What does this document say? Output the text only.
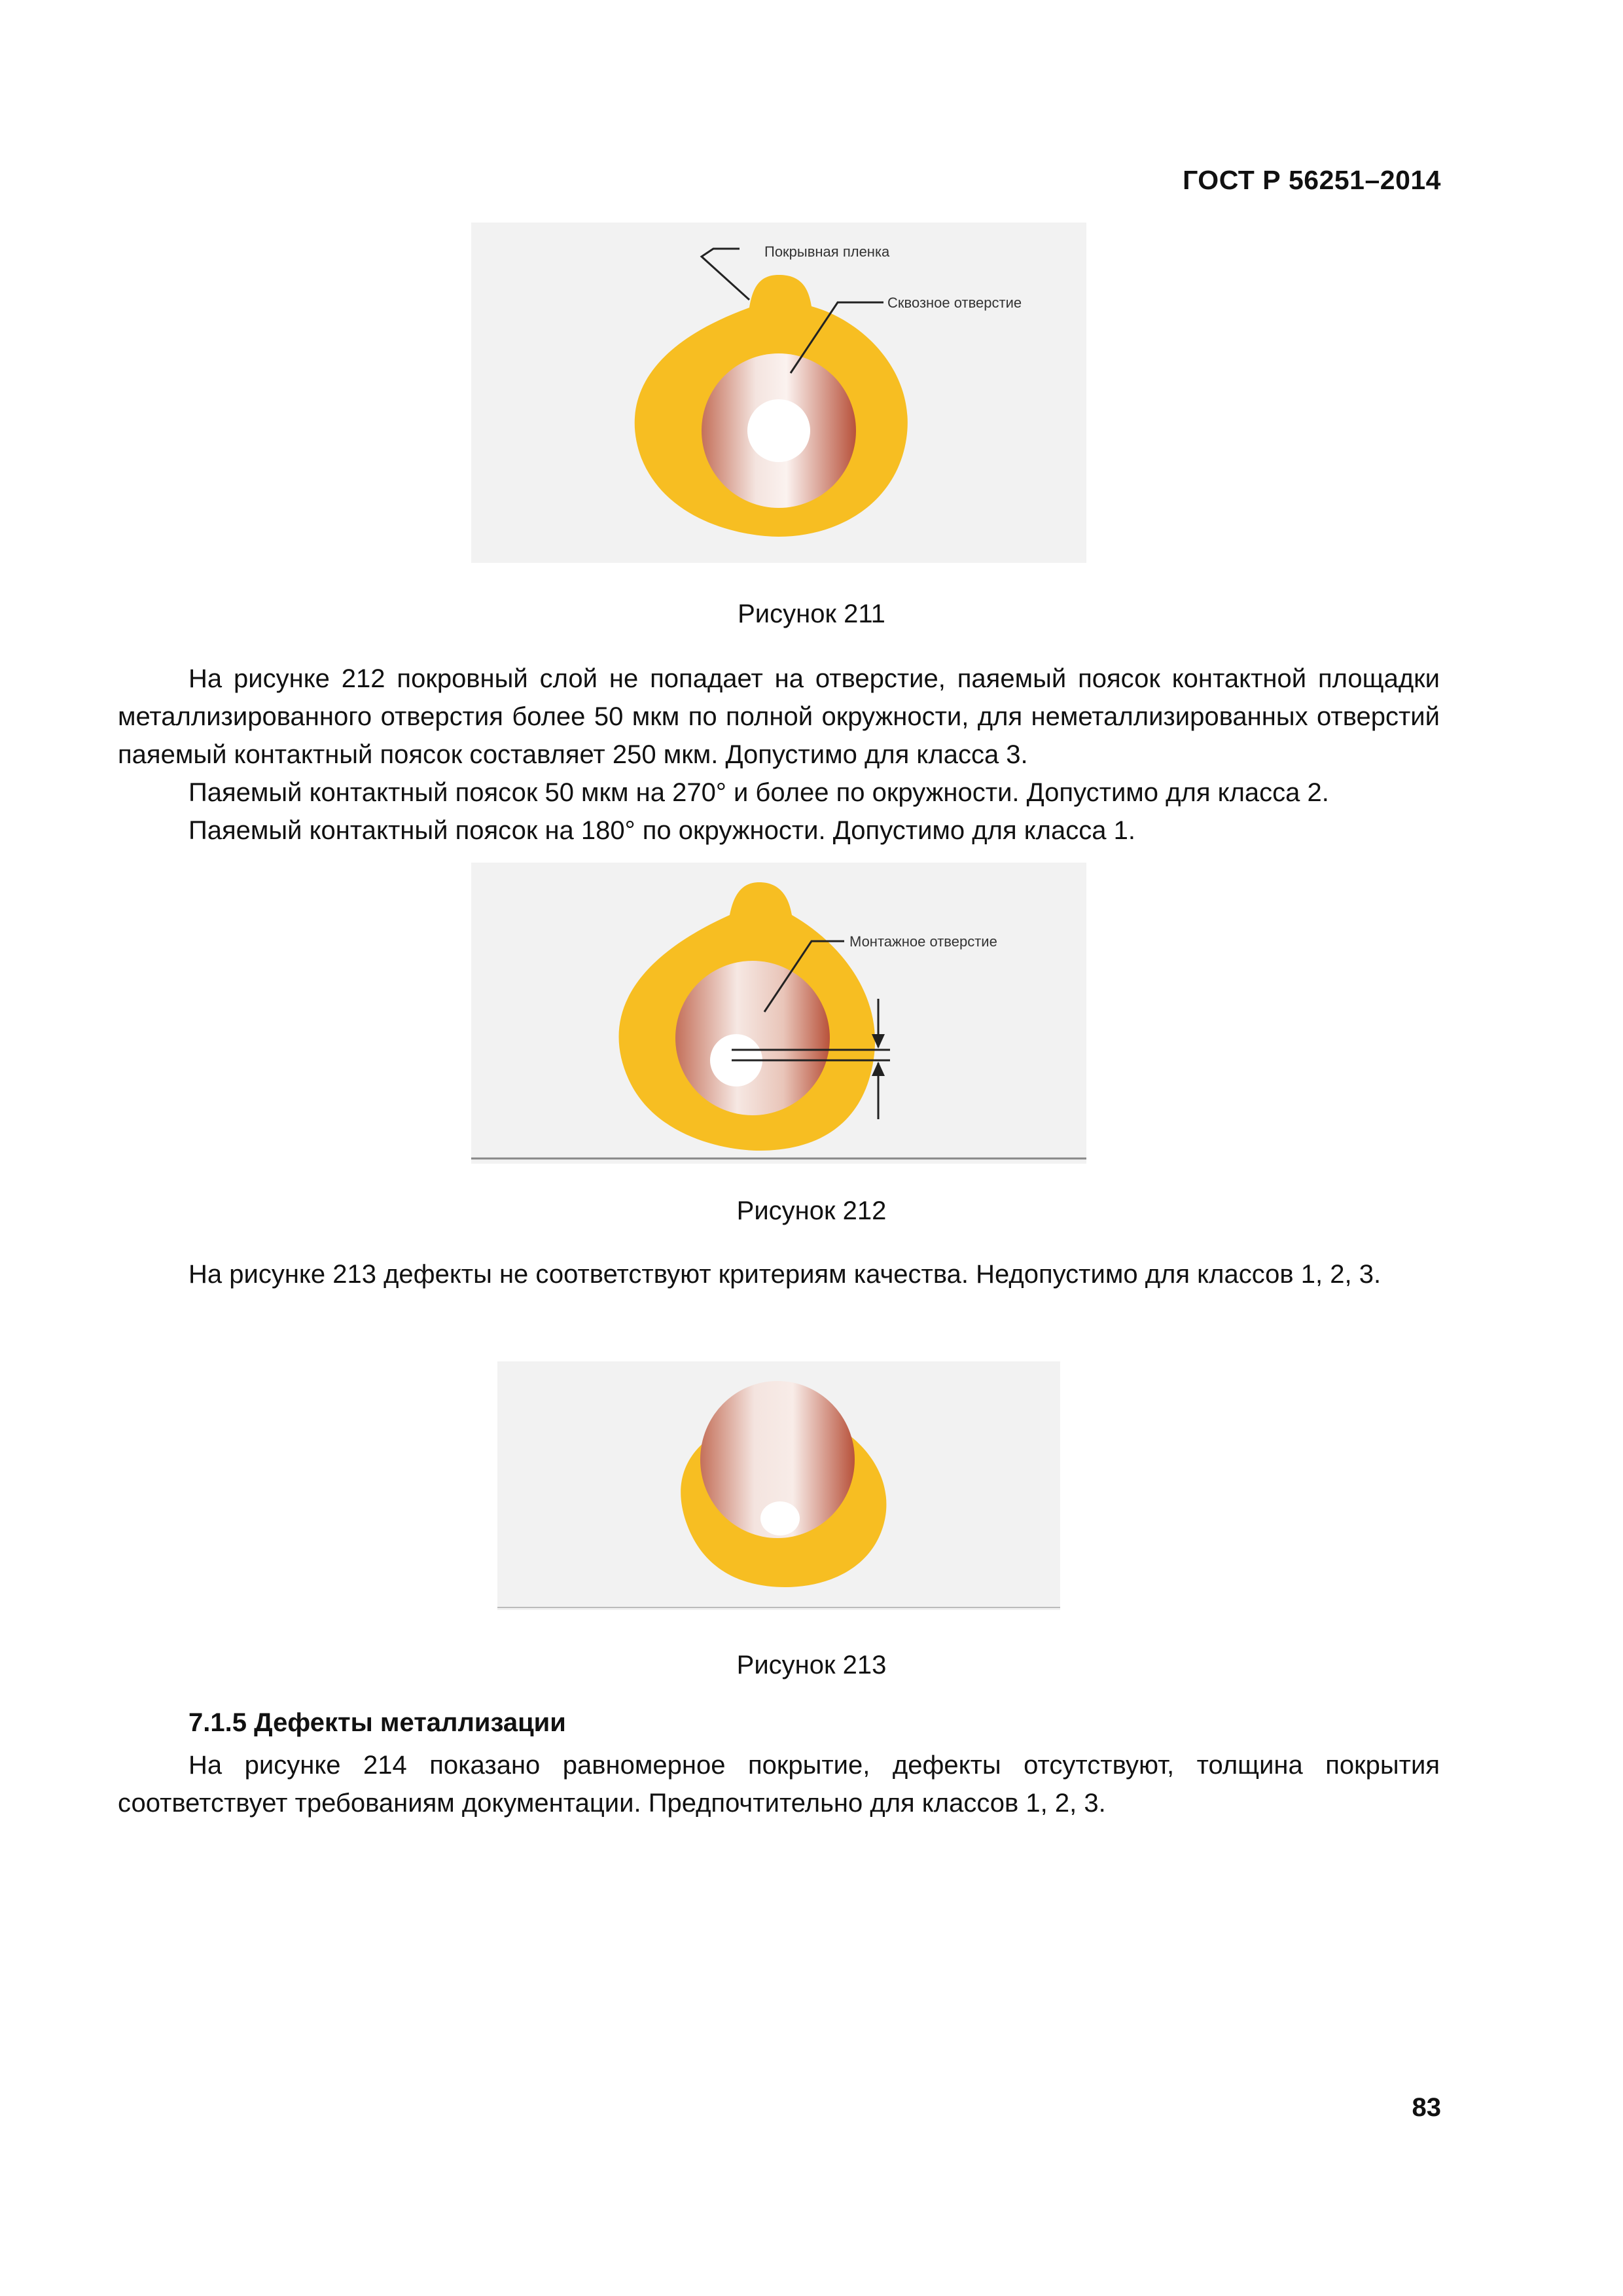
ГОСТ Р 56251–2014
Покрывная пленка
Сквозное отверстие
Рисунок 211

На рисунке 212 покровный слой не попадает на отверстие, паяемый поясок контактной площадки металлизированного отверстия более 50 мкм по полной окружности, для неметаллизированных отверстий паяемый контактный поясок составляет 250 мкм. Допустимо для класса 3.

Паяемый контактный поясок 50 мкм на 270° и более по окружности. Допустимо для класса 2.

Паяемый контактный поясок на 180° по окружности. Допустимо для класса 1.

Монтажное отверстие
Рисунок 212

На рисунке 213 дефекты не соответствуют критериям качества. Недопустимо для классов 1, 2, 3.

Рисунок 213
7.1.5 Дефекты металлизации

На рисунке 214 показано равномерное покрытие, дефекты отсутствуют, толщина покрытия соответствует требованиям документации. Предпочтительно для классов 1, 2, 3.

83
